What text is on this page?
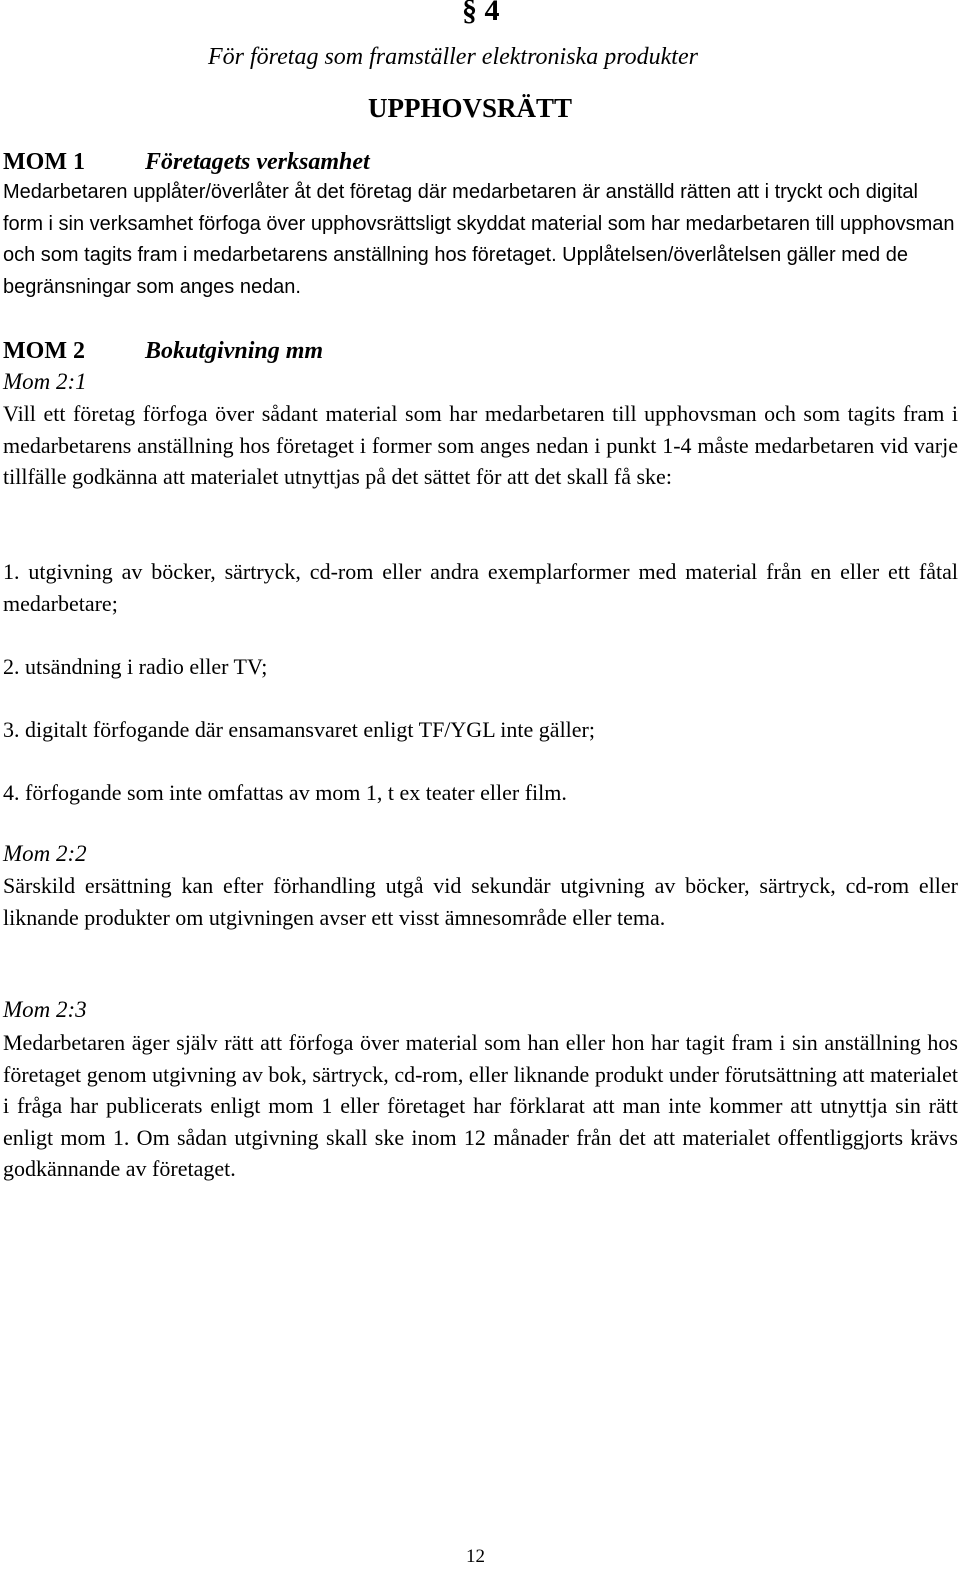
§ 4
För företag som framställer elektroniska produkter
UPPHOVSRÄTT
MOM 1	Företagets verksamhet
Medarbetaren upplåter/överlåter åt det företag där medarbetaren är anställd rätten att i tryckt och digital form i sin verksamhet förfoga över upphovsrättsligt skyddat material som har medarbetaren till upphovsman och som tagits fram i medarbetarens anställning hos företaget. Upplåtelsen/överlåtelsen gäller med de begränsningar som anges nedan.
MOM 2	Bokutgivning mm
Mom 2:1
Vill ett företag förfoga över sådant material som har medarbetaren till upphovsman och som tagits fram i medarbetarens anställning hos företaget i former som anges nedan i punkt 1-4 måste medarbetaren vid varje tillfälle godkänna att materialet utnyttjas på det sättet för att det skall få ske:
1. utgivning av böcker, särtryck, cd-rom eller andra exemplarformer med material från en eller ett fåtal medarbetare;
2. utsändning i radio eller TV;
3. digitalt förfogande där ensamansvaret enligt TF/YGL inte gäller;
4. förfogande som inte omfattas av mom 1, t ex teater eller film.
Mom 2:2
Särskild ersättning kan efter förhandling utgå vid sekundär utgivning av böcker, särtryck, cd-rom eller liknande produkter om utgivningen avser ett visst ämnesområde eller tema.
Mom 2:3
Medarbetaren äger själv rätt att förfoga över material som han eller hon har tagit fram i sin anställning hos företaget genom utgivning av bok, särtryck, cd-rom, eller liknande produkt under förutsättning att materialet i fråga har publicerats enligt mom 1 eller företaget har förklarat att man inte kommer att utnyttja sin rätt enligt mom 1. Om sådan utgivning skall ske inom 12 månader från det att materialet offentliggjorts krävs godkännande av företaget.
12
